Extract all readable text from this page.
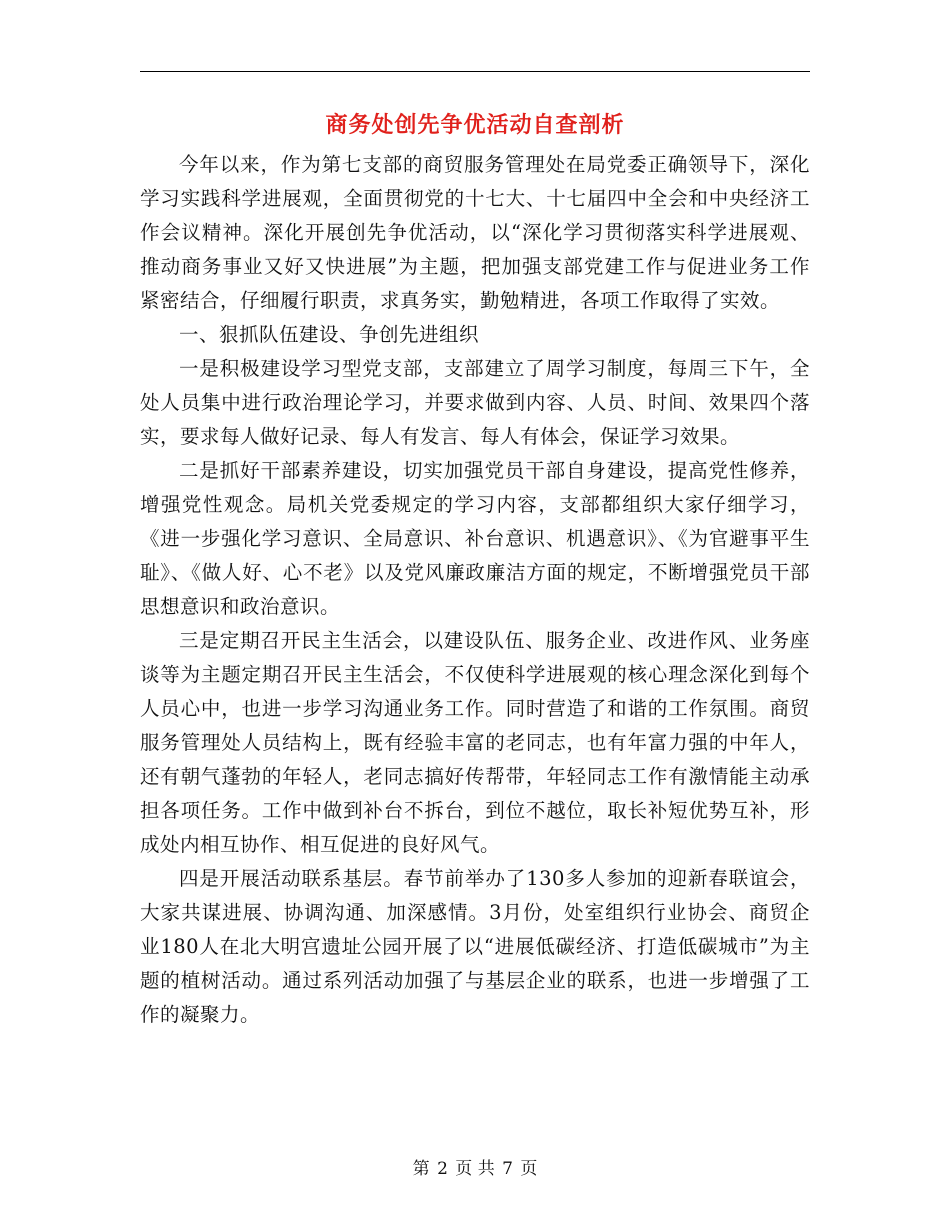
商务处创先争优活动自查剖析

今年以来，作为第七支部的商贸服务管理处在局党委正确领导下，深化学习实践科学进展观，全面贯彻党的十七大、十七届四中全会和中央经济工作会议精神。深化开展创先争优活动，以“深化学习贯彻落实科学进展观、推动商务事业又好又快进展”为主题，把加强支部党建工作与促进业务工作紧密结合，仔细履行职责，求真务实，勤勉精进，各项工作取得了实效。

一、狠抓队伍建设、争创先进组织

一是积极建设学习型党支部，支部建立了周学习制度，每周三下午，全处人员集中进行政治理论学习，并要求做到内容、人员、时间、效果四个落实，要求每人做好记录、每人有发言、每人有体会，保证学习效果。

二是抓好干部素养建设，切实加强党员干部自身建设，提高党性修养，增强党性观念。局机关党委规定的学习内容，支部都组织大家仔细学习，《进一步强化学习意识、全局意识、补台意识、机遇意识》、《为官避事平生耻》、《做人好、心不老》以及党风廉政廉洁方面的规定，不断增强党员干部思想意识和政治意识。

三是定期召开民主生活会，以建设队伍、服务企业、改进作风、业务座谈等为主题定期召开民主生活会，不仅使科学进展观的核心理念深化到每个人员心中，也进一步学习沟通业务工作。同时营造了和谐的工作氛围。商贸服务管理处人员结构上，既有经验丰富的老同志，也有年富力强的中年人，还有朝气蓬勃的年轻人，老同志搞好传帮带，年轻同志工作有激情能主动承担各项任务。工作中做到补台不拆台，到位不越位，取长补短优势互补，形成处内相互协作、相互促进的良好风气。

四是开展活动联系基层。春节前举办了130多人参加的迎新春联谊会，大家共谋进展、协调沟通、加深感情。3月份，处室组织行业协会、商贸企业180人在北大明宫遗址公园开展了以“进展低碳经济、打造低碳城市”为主题的植树活动。通过系列活动加强了与基层企业的联系，也进一步增强了工作的凝聚力。

第 2 页 共 7 页
